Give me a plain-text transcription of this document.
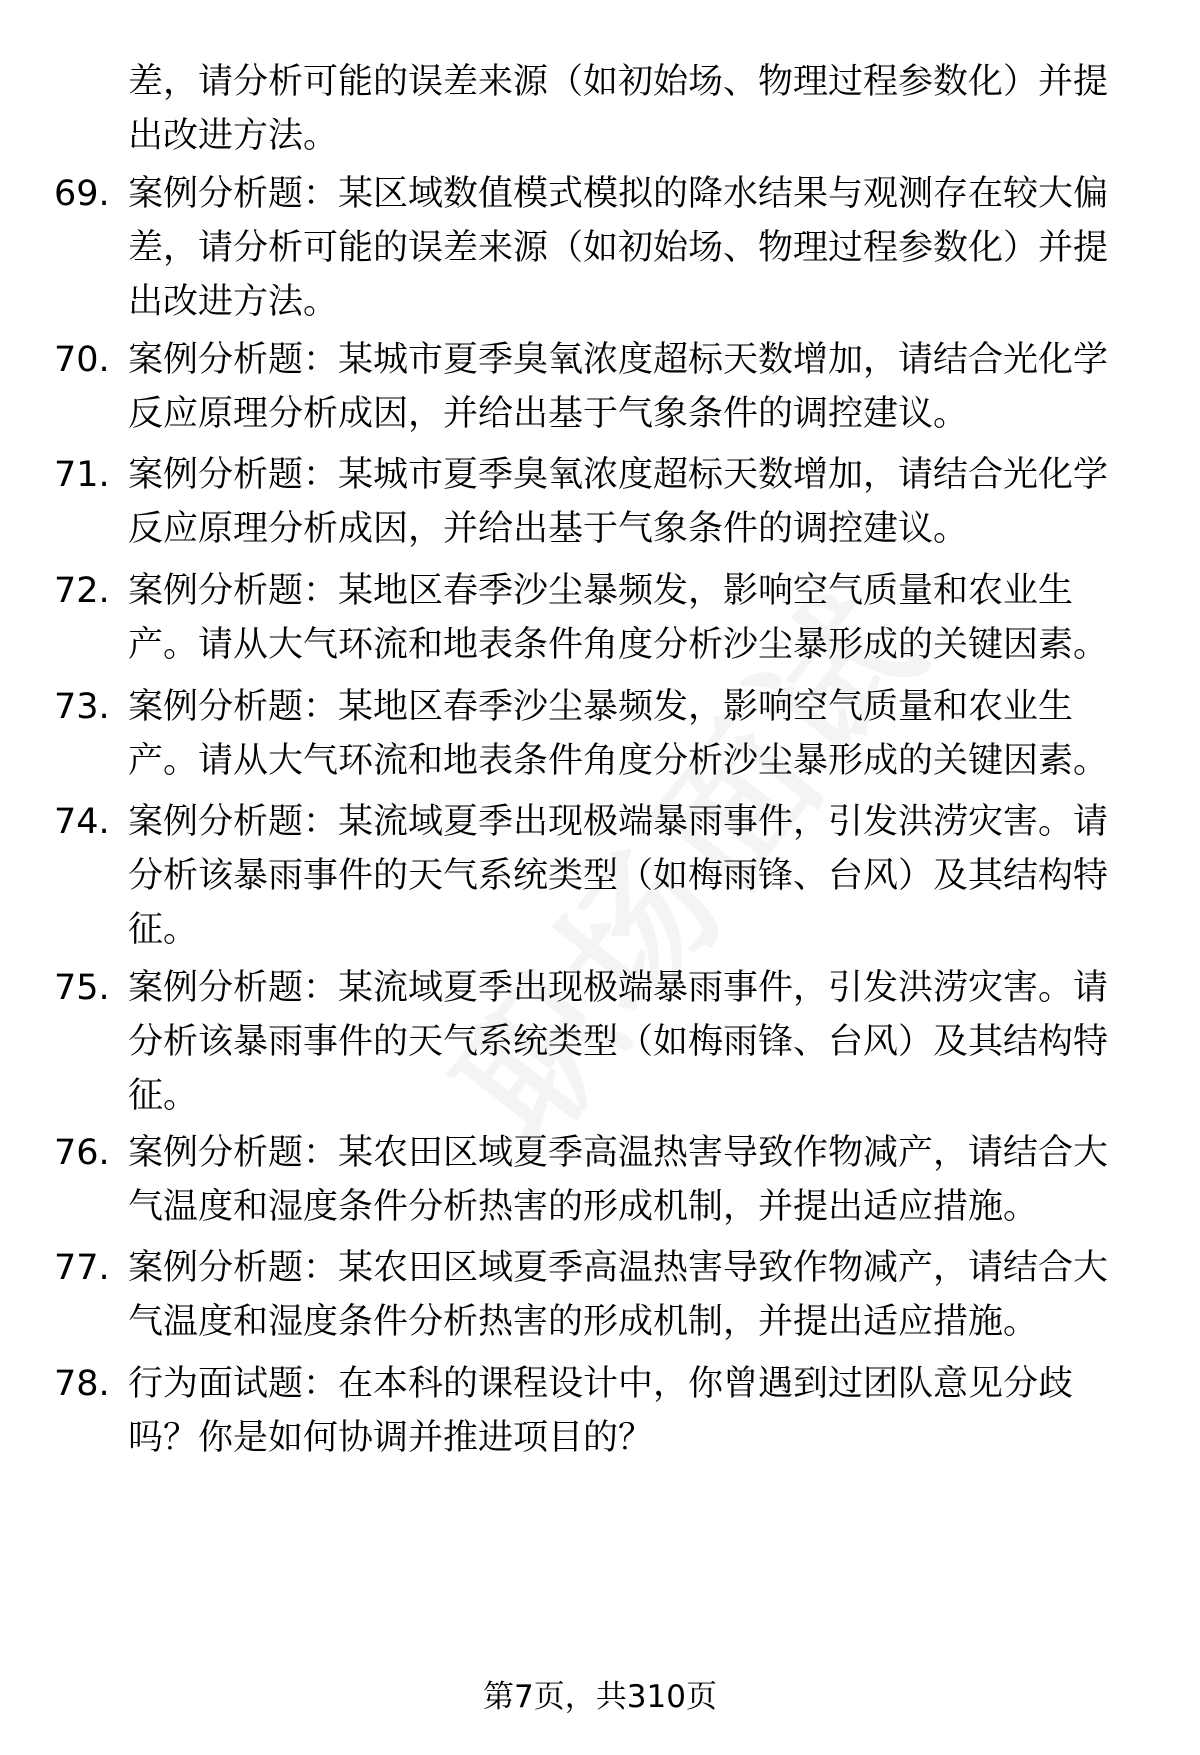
差，请分析可能的误差来源（如初始场、物理过程参数化）并提
出改进方法。
69. 案例分析题：某区域数值模式模拟的降水结果与观测存在较大偏
差，请分析可能的误差来源（如初始场、物理过程参数化）并提
出改进方法。
70. 案例分析题：某城市夏季臭氧浓度超标天数增加，请结合光化学
反应原理分析成因，并给出基于气象条件的调控建议。
71. 案例分析题：某城市夏季臭氧浓度超标天数增加，请结合光化学
反应原理分析成因，并给出基于气象条件的调控建议。
72. 案例分析题：某地区春季沙尘暴频发，影响空气质量和农业生
产。请从大气环流和地表条件角度分析沙尘暴形成的关键因素。
73. 案例分析题：某地区春季沙尘暴频发，影响空气质量和农业生
产。请从大气环流和地表条件角度分析沙尘暴形成的关键因素。
74. 案例分析题：某流域夏季出现极端暴雨事件，引发洪涝灾害。请
分析该暴雨事件的天气系统类型（如梅雨锋、台风）及其结构特
征。
75. 案例分析题：某流域夏季出现极端暴雨事件，引发洪涝灾害。请
分析该暴雨事件的天气系统类型（如梅雨锋、台风）及其结构特
征。
76. 案例分析题：某农田区域夏季高温热害导致作物减产，请结合大
气温度和湿度条件分析热害的形成机制，并提出适应措施。
77. 案例分析题：某农田区域夏季高温热害导致作物减产，请结合大
气温度和湿度条件分析热害的形成机制，并提出适应措施。
78. 行为面试题：在本科的课程设计中，你曾遇到过团队意见分歧
吗？你是如何协调并推进项目的？
第7页，共310页
